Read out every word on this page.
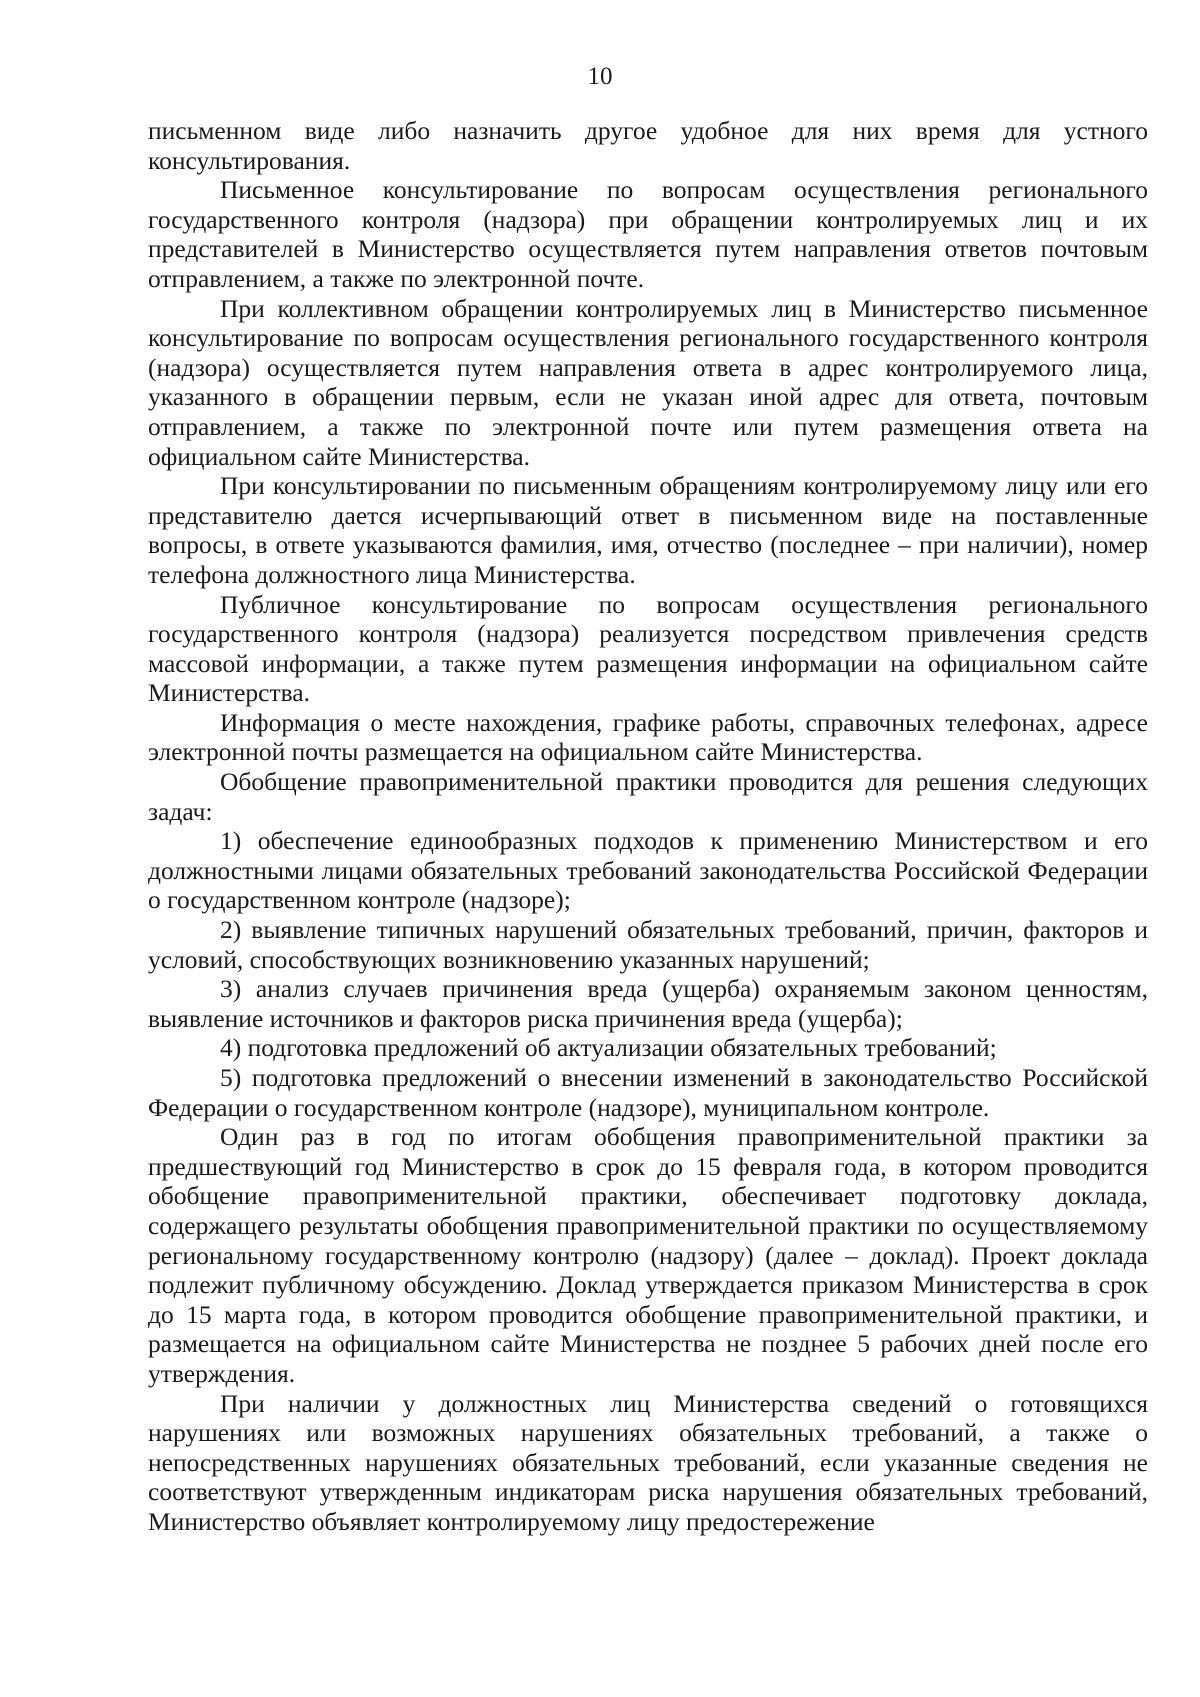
10

письменном виде либо назначить другое удобное для них время для устного консультирования.

Письменное консультирование по вопросам осуществления регионального государственного контроля (надзора) при обращении контролируемых лиц и их представителей в Министерство осуществляется путем направления ответов почтовым отправлением, а также по электронной почте.

При коллективном обращении контролируемых лиц в Министерство письменное консультирование по вопросам осуществления регионального государственного контроля (надзора) осуществляется путем направления ответа в адрес контролируемого лица, указанного в обращении первым, если не указан иной адрес для ответа, почтовым отправлением, а также по электронной почте или путем размещения ответа на официальном сайте Министерства.

При консультировании по письменным обращениям контролируемому лицу или его представителю дается исчерпывающий ответ в письменном виде на поставленные вопросы, в ответе указываются фамилия, имя, отчество (последнее – при наличии), номер телефона должностного лица Министерства.

Публичное консультирование по вопросам осуществления регионального государственного контроля (надзора) реализуется посредством привлечения средств массовой информации, а также путем размещения информации на официальном сайте Министерства.

Информация о месте нахождения, графике работы, справочных телефонах, адресе электронной почты размещается на официальном сайте Министерства.

Обобщение правоприменительной практики проводится для решения следующих задач:

1) обеспечение единообразных подходов к применению Министерством и его должностными лицами обязательных требований законодательства Российской Федерации о государственном контроле (надзоре);

2) выявление типичных нарушений обязательных требований, причин, факторов и условий, способствующих возникновению указанных нарушений;

3) анализ случаев причинения вреда (ущерба) охраняемым законом ценностям, выявление источников и факторов риска причинения вреда (ущерба);

4) подготовка предложений об актуализации обязательных требований;

5) подготовка предложений о внесении изменений в законодательство Российской Федерации о государственном контроле (надзоре), муниципальном контроле.

Один раз в год по итогам обобщения правоприменительной практики за предшествующий год Министерство в срок до 15 февраля года, в котором проводится обобщение правоприменительной практики, обеспечивает подготовку доклада, содержащего результаты обобщения правоприменительной практики по осуществляемому региональному государственному контролю (надзору) (далее – доклад). Проект доклада подлежит публичному обсуждению. Доклад утверждается приказом Министерства в срок до 15 марта года, в котором проводится обобщение правоприменительной практики, и размещается на официальном сайте Министерства не позднее 5 рабочих дней после его утверждения.

При наличии у должностных лиц Министерства сведений о готовящихся нарушениях или возможных нарушениях обязательных требований, а также о непосредственных нарушениях обязательных требований, если указанные сведения не соответствуют утвержденным индикаторам риска нарушения обязательных требований, Министерство объявляет контролируемому лицу предостережение
